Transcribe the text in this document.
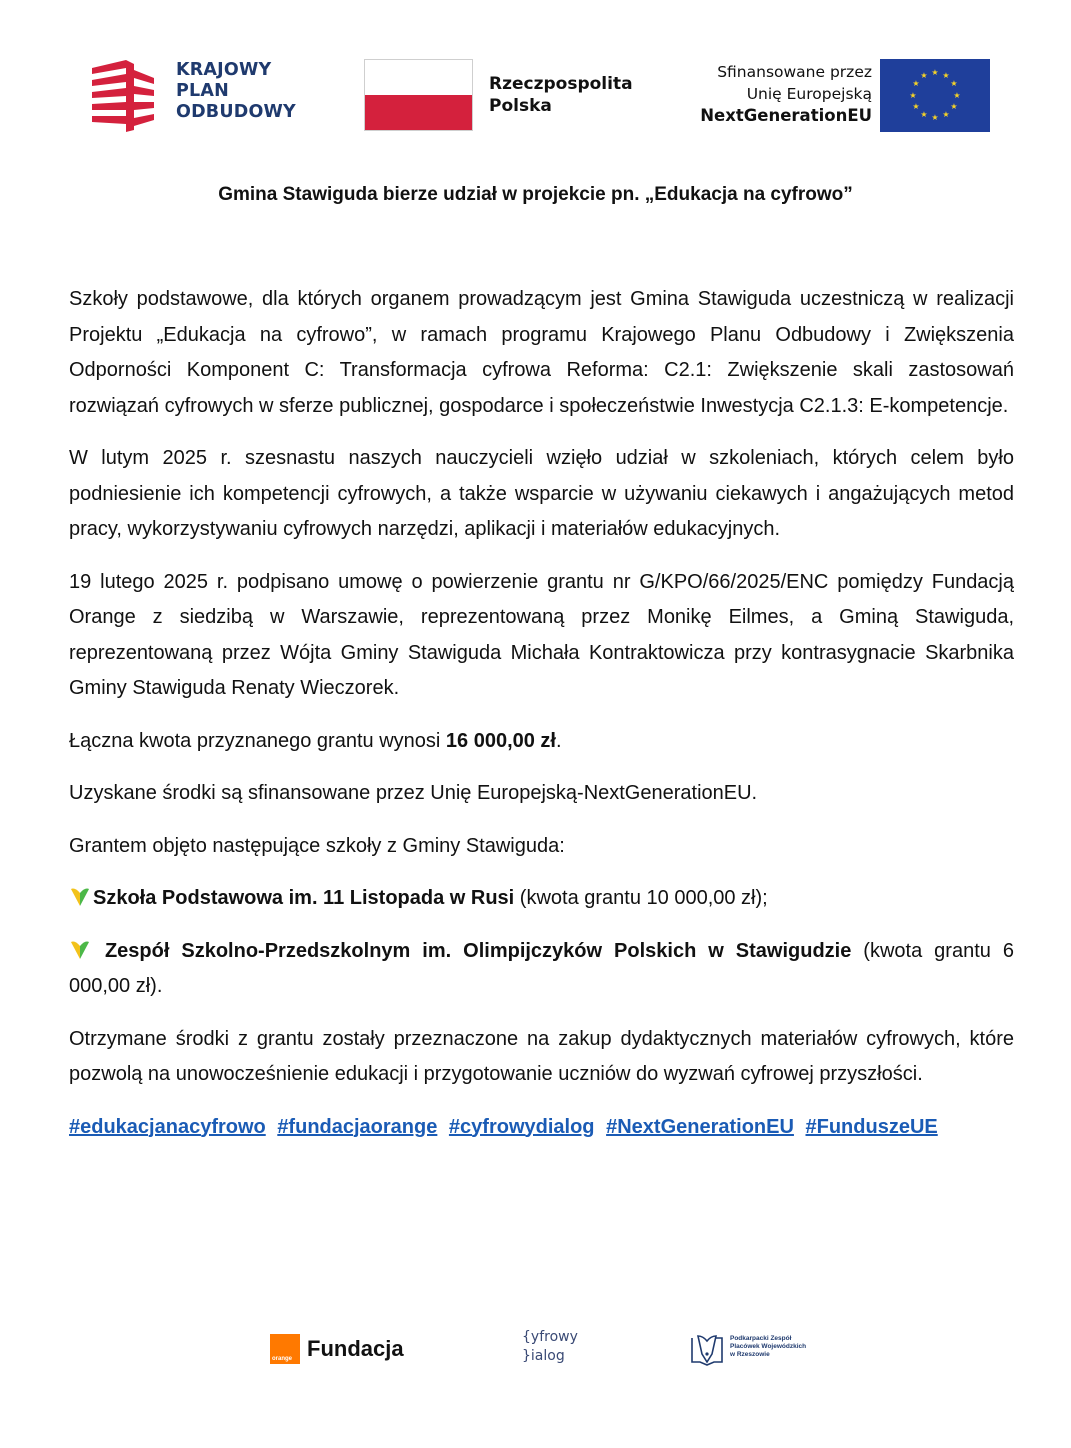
KRAJOWY
PLAN
ODBUDOWY
Rzeczpospolita
Polska
Sfinansowane przez
Unię Europejską
NextGenerationEU
★ ★
★
★
★
★
★
★
★
★
★
★
Gmina Stawiguda bierze udział w projekcie pn. „Edukacja na cyfrowo”

Szkoły podstawowe, dla których organem prowadzącym jest Gmina Stawiguda uczestniczą w realizacji Projektu „Edukacja na cyfrowo”, w ramach programu Krajowego Planu Odbudowy i Zwiększenia Odporności Komponent C: Transformacja cyfrowa Reforma: C2.1: Zwiększenie skali zastosowań rozwiązań cyfrowych w sferze publicznej, gospodarce i społeczeństwie Inwestycja C2.1.3: E-kompetencje.

W lutym 2025 r. szesnastu naszych nauczycieli wzięło udział w szkoleniach, których celem było podniesienie ich kompetencji cyfrowych, a także wsparcie w używaniu ciekawych i angażujących metod pracy, wykorzystywaniu cyfrowych narzędzi, aplikacji i materiałów edukacyjnych.

19 lutego 2025 r. podpisano umowę o powierzenie grantu nr G/KPO/66/2025/ENC pomiędzy Fundacją Orange z siedzibą w Warszawie, reprezentowaną przez Monikę Eilmes, a Gminą Stawiguda, reprezentowaną przez Wójta Gminy Stawiguda Michała Kontraktowicza przy kontrasygnacie Skarbnika Gminy Stawiguda Renaty Wieczorek.

Łączna kwota przyznanego grantu wynosi 16 000,00 zł.

Uzyskane środki są sfinansowane przez Unię Europejską-NextGenerationEU.

Grantem objęto następujące szkoły z Gminy Stawiguda:

Szkoła Podstawowa im. 11 Listopada w Rusi (kwota grantu 10 000,00 zł);

Zespół Szkolno-Przedszkolnym im. Olimpijczyków Polskich w Stawigudzie (kwota grantu 6 000,00 zł).

Otrzymane środki z grantu zostały przeznaczone na zakup dydaktycznych materiałów cyfrowych, które pozwolą na unowocześnienie edukacji i przygotowanie uczniów do wyzwań cyfrowej przyszłości.

#edukacjanacyfrowo #fundacjaorange #cyfrowydialog #NextGenerationEU #FunduszeUE
orange Fundacja	{yfrowy
}ialog
Podkarpacki Zespół
Placówek Wojewódzkich
w Rzeszowie
